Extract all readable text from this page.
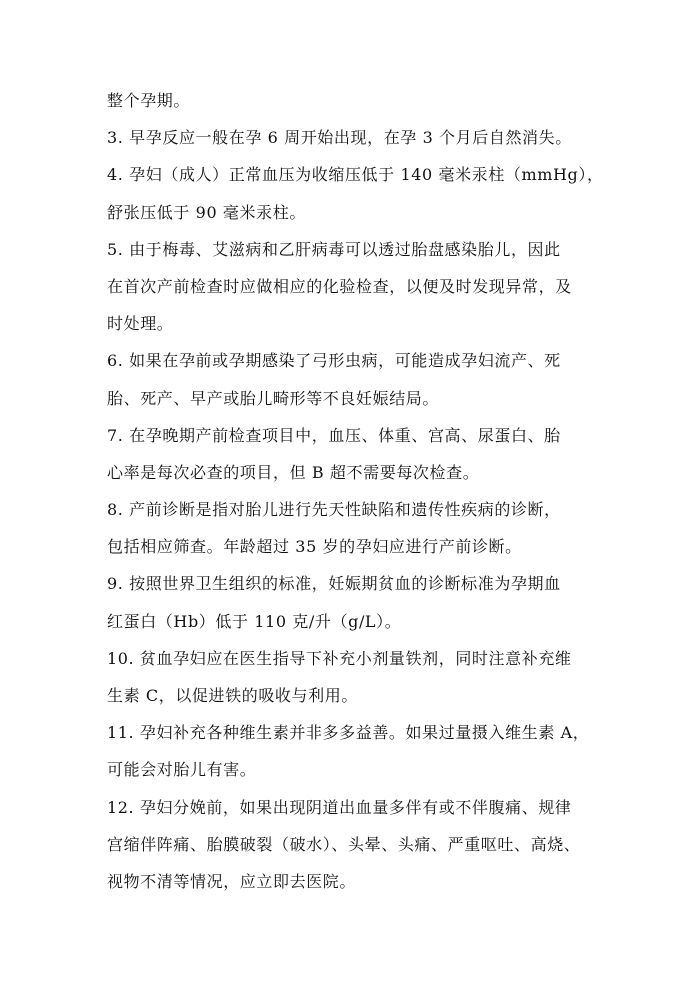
整个孕期。
3. 早孕反应一般在孕 6 周开始出现，在孕 3 个月后自然消失。
4. 孕妇（成人）正常血压为收缩压低于 140 毫米汞柱（mmHg），
舒张压低于 90 毫米汞柱。
5. 由于梅毒、艾滋病和乙肝病毒可以透过胎盘感染胎儿，因此
在首次产前检查时应做相应的化验检查，以便及时发现异常，及
时处理。
6. 如果在孕前或孕期感染了弓形虫病，可能造成孕妇流产、死
胎、死产、早产或胎儿畸形等不良妊娠结局。
7. 在孕晚期产前检查项目中，血压、体重、宫高、尿蛋白、胎
心率是每次必查的项目，但 B 超不需要每次检查。
8. 产前诊断是指对胎儿进行先天性缺陷和遗传性疾病的诊断，
包括相应筛查。年龄超过 35 岁的孕妇应进行产前诊断。
9. 按照世界卫生组织的标准，妊娠期贫血的诊断标准为孕期血
红蛋白（Hb）低于 110 克/升（g/L）。
10. 贫血孕妇应在医生指导下补充小剂量铁剂，同时注意补充维
生素 C，以促进铁的吸收与利用。
11. 孕妇补充各种维生素并非多多益善。如果过量摄入维生素 A，
可能会对胎儿有害。
12. 孕妇分娩前，如果出现阴道出血量多伴有或不伴腹痛、规律
宫缩伴阵痛、胎膜破裂（破水）、头晕、头痛、严重呕吐、高烧、
视物不清等情况，应立即去医院。
